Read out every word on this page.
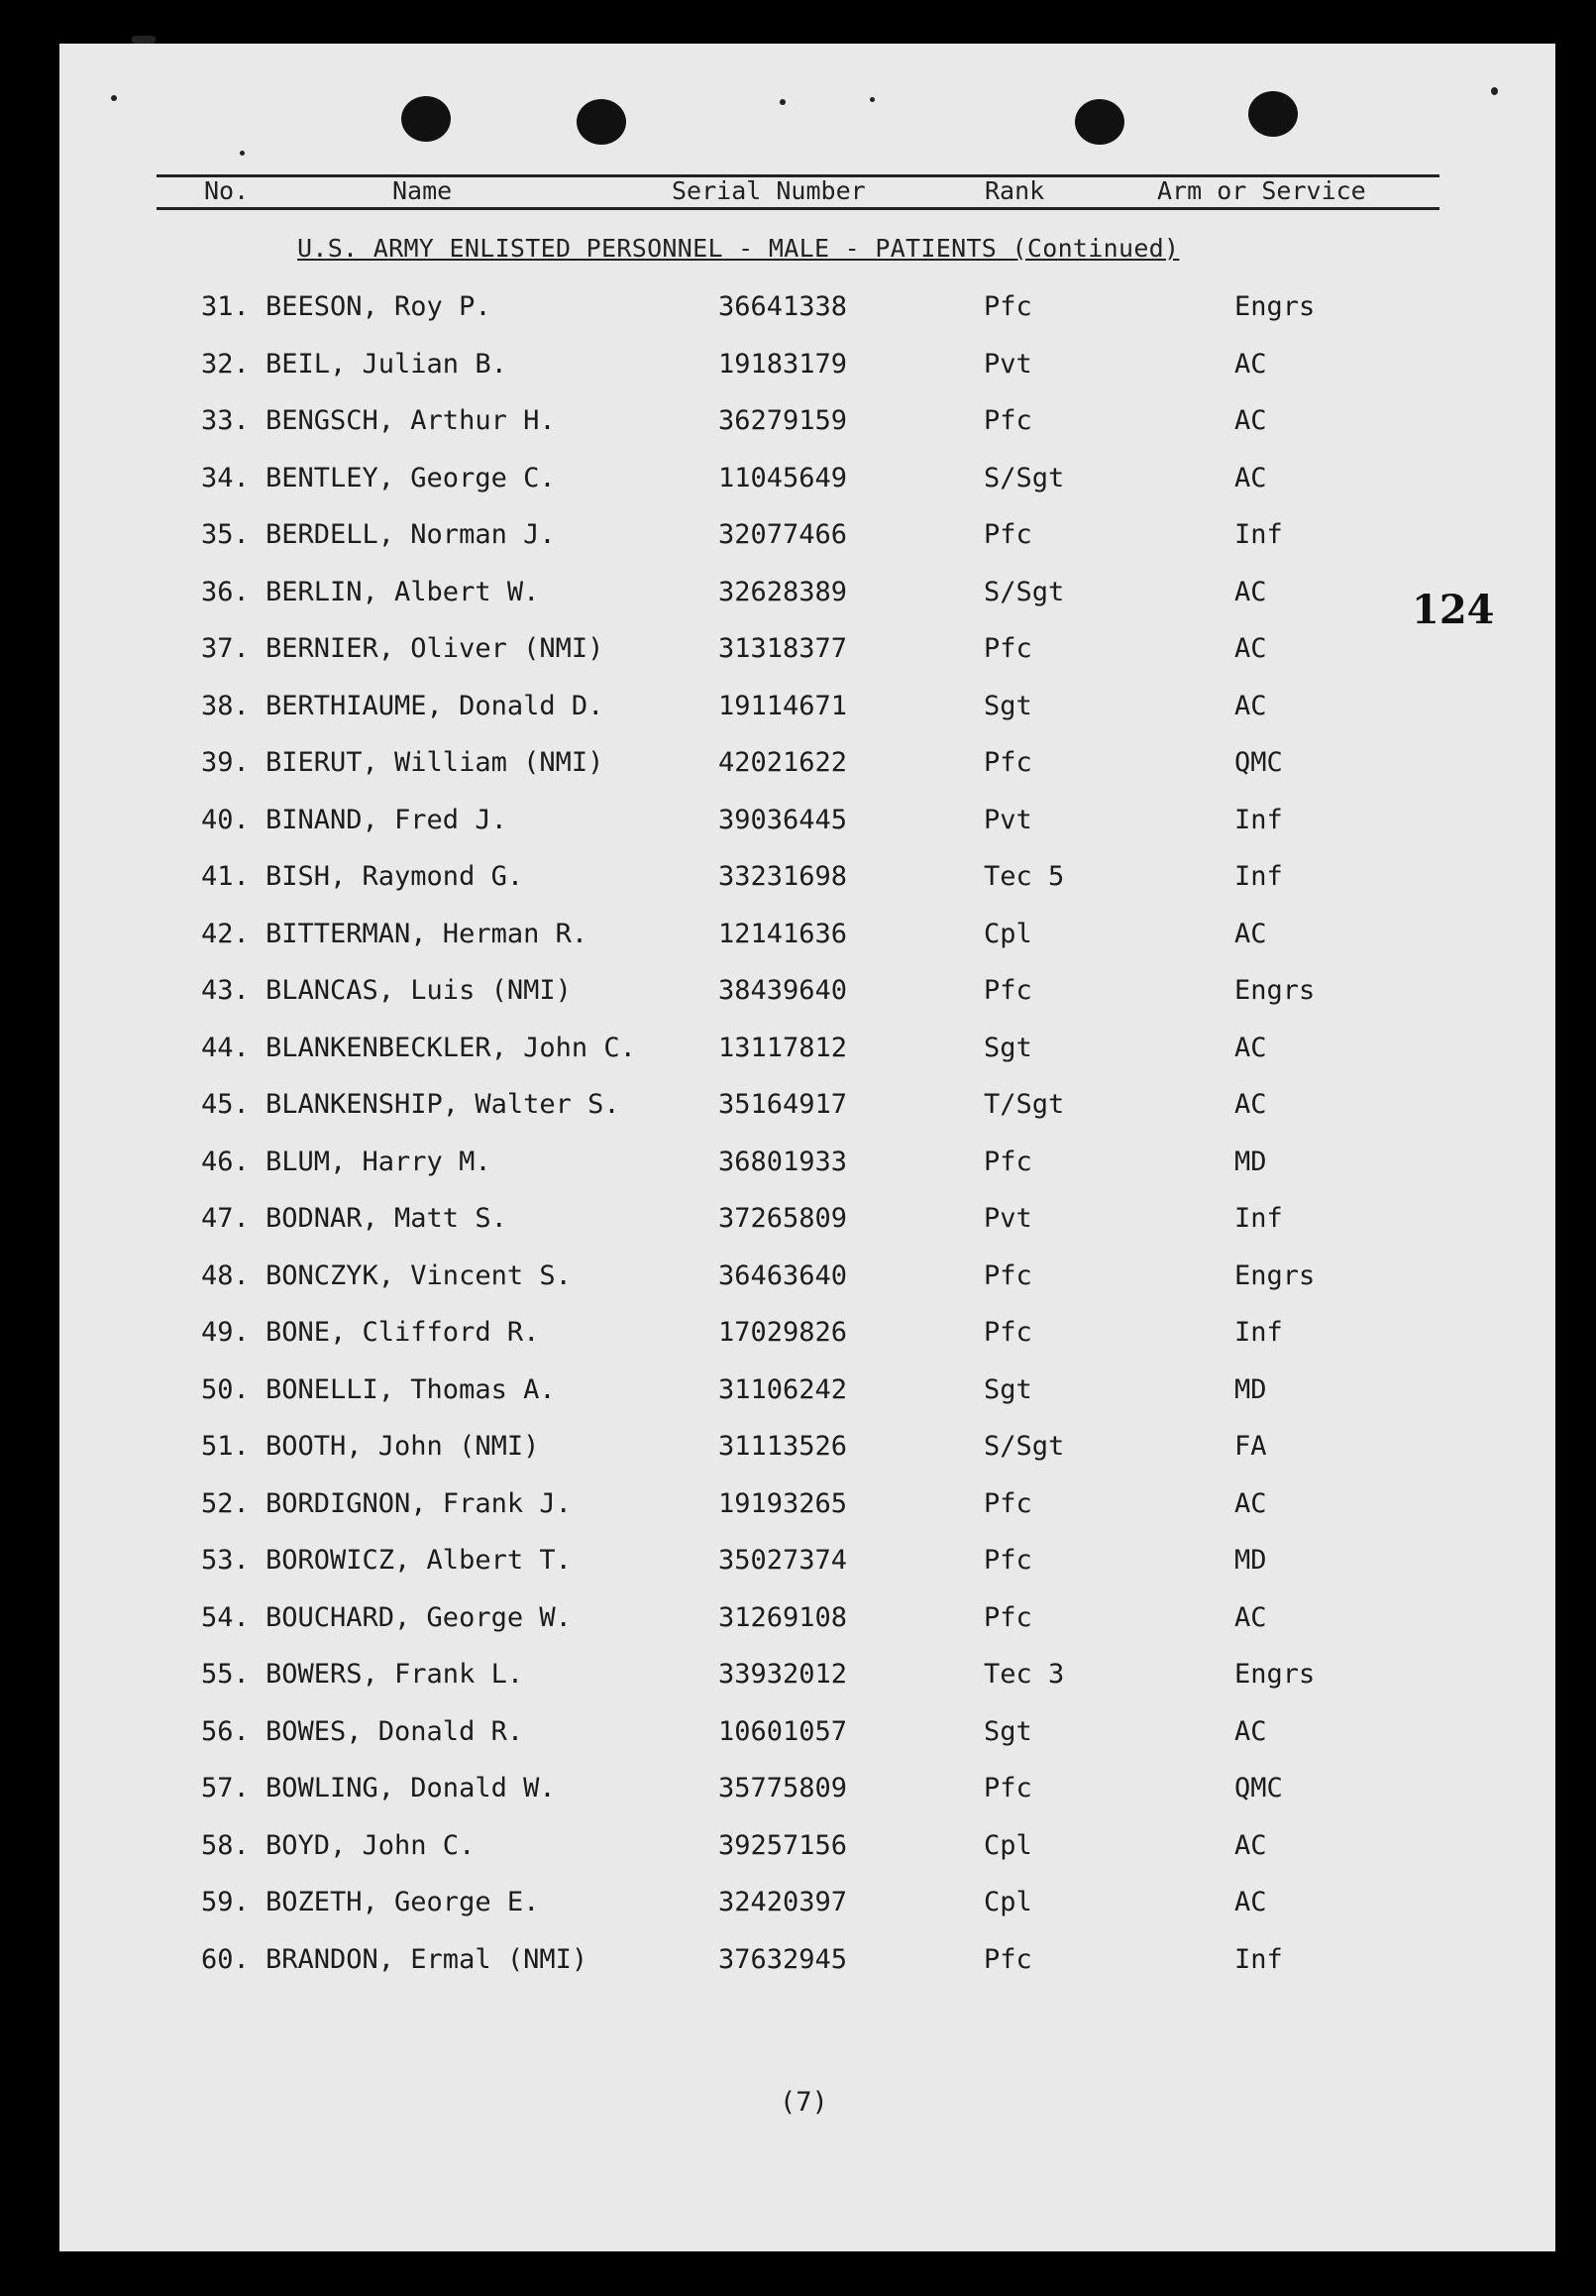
No.	Name	Serial Number	Rank	Arm or Service
U.S. ARMY ENLISTED PERSONNEL - MALE - PATIENTS (Continued)
31. BEESON, Roy P.	36641338	Pfc	Engrs
32. BEIL, Julian B.	19183179	Pvt	AC
33. BENGSCH, Arthur H.	36279159	Pfc	AC
34. BENTLEY, George C.	11045649	S/Sgt	AC
35. BERDELL, Norman J.	32077466	Pfc	Inf
36. BERLIN, Albert W.	32628389	S/Sgt	AC
37. BERNIER, Oliver (NMI)	31318377	Pfc	AC
38. BERTHIAUME, Donald D.	19114671	Sgt	AC
39. BIERUT, William (NMI)	42021622	Pfc	QMC
40. BINAND, Fred J.	39036445	Pvt	Inf
41. BISH, Raymond G.	33231698	Tec 5	Inf
42. BITTERMAN, Herman R.	12141636	Cpl	AC
43. BLANCAS, Luis (NMI)	38439640	Pfc	Engrs
44. BLANKENBECKLER, John C.	13117812	Sgt	AC
45. BLANKENSHIP, Walter S.	35164917	T/Sgt	AC
46. BLUM, Harry M.	36801933	Pfc	MD
47. BODNAR, Matt S.	37265809	Pvt	Inf
48. BONCZYK, Vincent S.	36463640	Pfc	Engrs
49. BONE, Clifford R.	17029826	Pfc	Inf
50. BONELLI, Thomas A.	31106242	Sgt	MD
51. BOOTH, John (NMI)	31113526	S/Sgt	FA
52. BORDIGNON, Frank J.	19193265	Pfc	AC
53. BOROWICZ, Albert T.	35027374	Pfc	MD
54. BOUCHARD, George W.	31269108	Pfc	AC
55. BOWERS, Frank L.	33932012	Tec 3	Engrs
56. BOWES, Donald R.	10601057	Sgt	AC
57. BOWLING, Donald W.	35775809	Pfc	QMC
58. BOYD, John C.	39257156	Cpl	AC
59. BOZETH, George E.	32420397	Cpl	AC
60. BRANDON, Ermal (NMI)	37632945	Pfc	Inf
124
(7)
